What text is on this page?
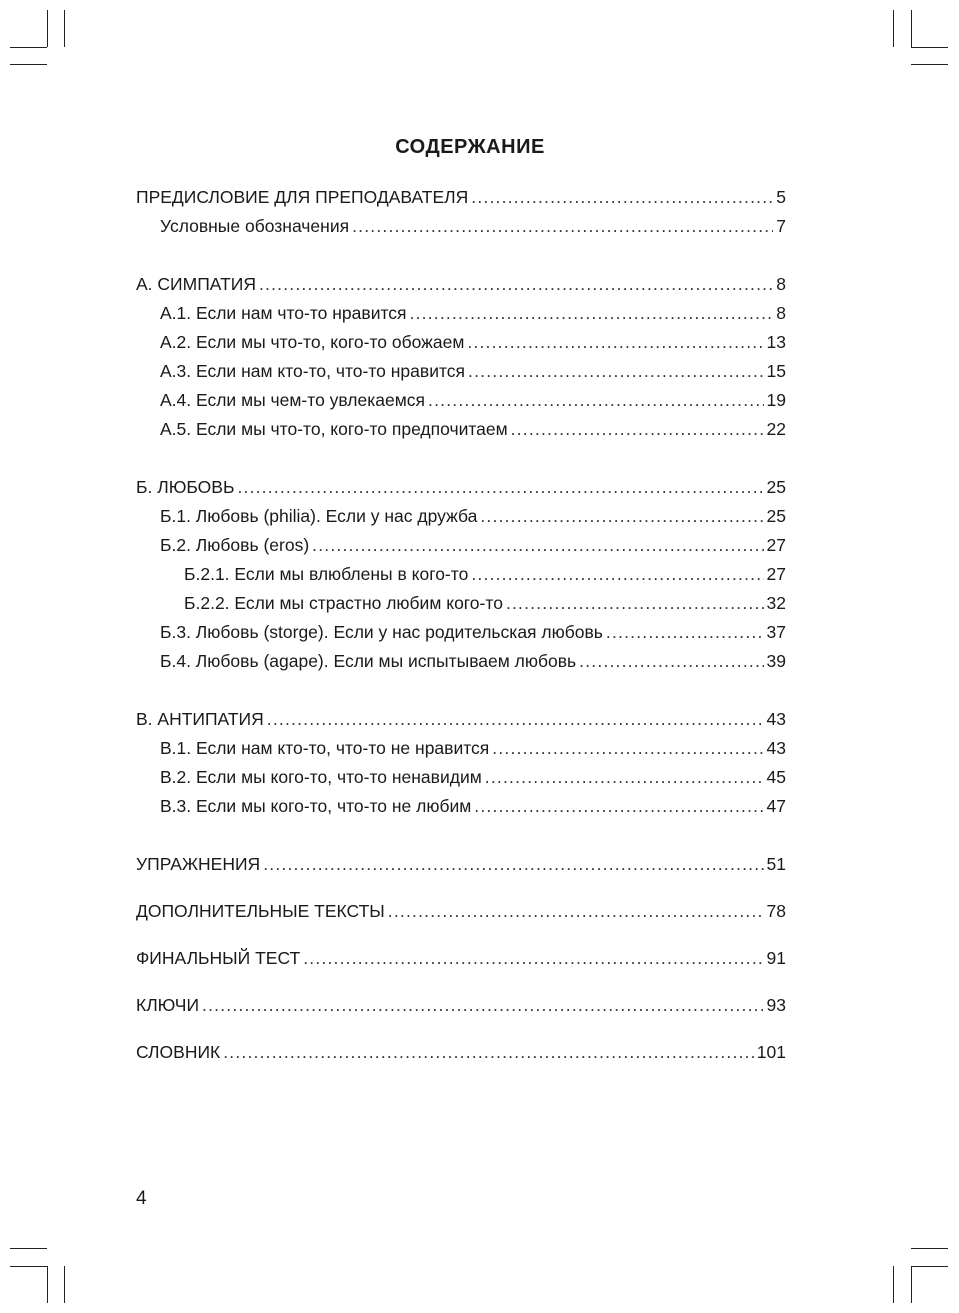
СОДЕРЖАНИЕ
ПРЕДИСЛОВИЕ ДЛЯ ПРЕПОДАВАТЕЛЯ .....	5
Условные обозначения .....	7
А. СИМПАТИЯ .....	8
А.1. Если нам что-то нравится .....	8
А.2. Если мы что-то, кого-то обожаем .....	13
А.3. Если нам кто-то, что-то нравится .....	15
А.4. Если мы чем-то увлекаемся .....	19
А.5. Если мы что-то, кого-то предпочитаем .....	22
Б. ЛЮБОВЬ .....	25
Б.1. Любовь (philia). Если у нас дружба .....	25
Б.2. Любовь (eros) .....	27
Б.2.1. Если мы влюблены в кого-то .....	27
Б.2.2. Если мы страстно любим кого-то .....	32
Б.3. Любовь (storge). Если у нас родительская любовь .....	37
Б.4. Любовь (agape). Если мы испытываем любовь .....	39
В. АНТИПАТИЯ .....	43
В.1. Если нам кто-то, что-то не нравится .....	43
В.2. Если мы кого-то, что-то ненавидим .....	45
В.3. Если мы кого-то, что-то не любим .....	47
УПРАЖНЕНИЯ .....	51
ДОПОЛНИТЕЛЬНЫЕ ТЕКСТЫ .....	78
ФИНАЛЬНЫЙ ТЕСТ .....	91
КЛЮЧИ .....	93
СЛОВНИК .....	101
4
